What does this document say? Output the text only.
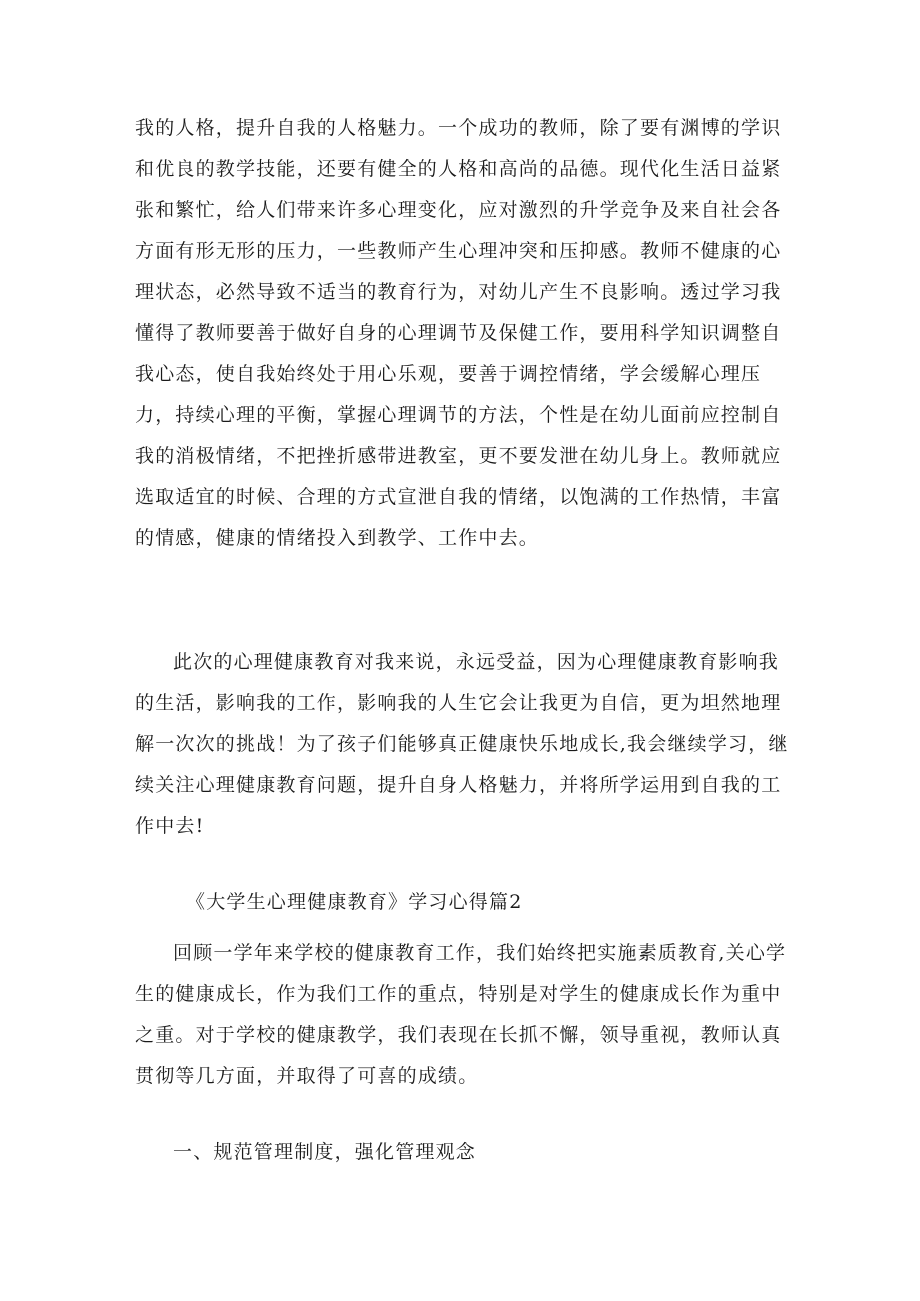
我的人格，提升自我的人格魅力。一个成功的教师，除了要有渊博的学识
和优良的教学技能，还要有健全的人格和高尚的品德。现代化生活日益紧
张和繁忙，给人们带来许多心理变化，应对激烈的升学竞争及来自社会各
方面有形无形的压力，一些教师产生心理冲突和压抑感。教师不健康的心
理状态，必然导致不适当的教育行为，对幼儿产生不良影响。透过学习我
懂得了教师要善于做好自身的心理调节及保健工作，要用科学知识调整自
我心态，使自我始终处于用心乐观，要善于调控情绪，学会缓解心理压
力，持续心理的平衡，掌握心理调节的方法，个性是在幼儿面前应控制自
我的消极情绪，不把挫折感带进教室，更不要发泄在幼儿身上。教师就应
选取适宜的时候、合理的方式宣泄自我的情绪，以饱满的工作热情，丰富
的情感，健康的情绪投入到教学、工作中去。
此次的心理健康教育对我来说，永远受益，因为心理健康教育影响我
的生活，影响我的工作，影响我的人生它会让我更为自信，更为坦然地理
解一次次的挑战！为了孩子们能够真正健康快乐地成长,我会继续学习，继
续关注心理健康教育问题，提升自身人格魅力，并将所学运用到自我的工
作中去!
《大学生心理健康教育》学习心得篇2
回顾一学年来学校的健康教育工作，我们始终把实施素质教育,关心学
生的健康成长，作为我们工作的重点，特别是对学生的健康成长作为重中
之重。对于学校的健康教学，我们表现在长抓不懈，领导重视，教师认真
贯彻等几方面，并取得了可喜的成绩。
一、规范管理制度，强化管理观念
